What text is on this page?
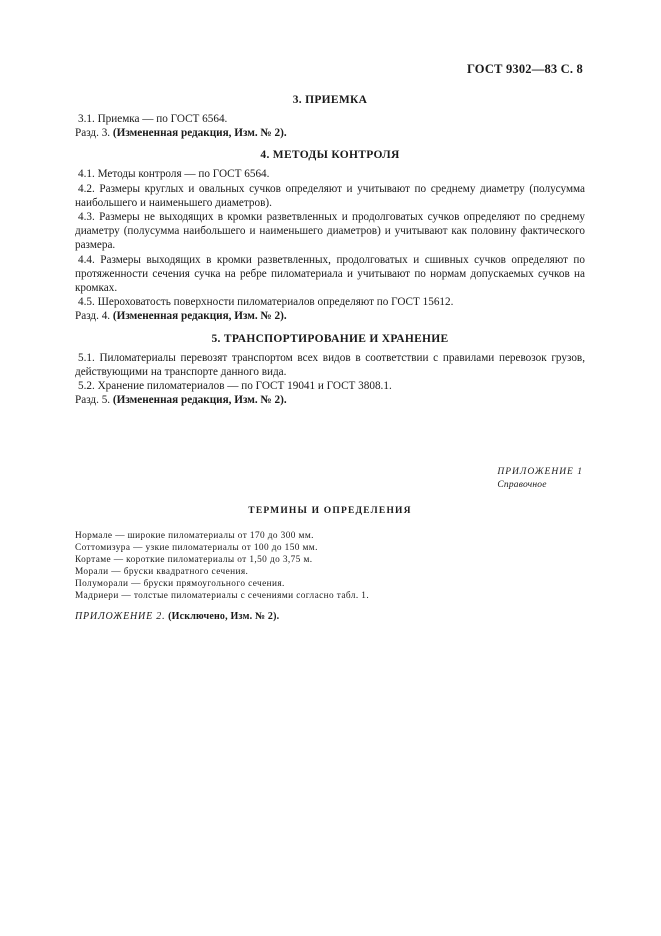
ГОСТ 9302—83 С. 8
3. ПРИЕМКА

3.1. Приемка — по ГОСТ 6564.

Разд. 3. (Измененная редакция, Изм. № 2).

4. МЕТОДЫ КОНТРОЛЯ

4.1. Методы контроля — по ГОСТ 6564.

4.2. Размеры круглых и овальных сучков определяют и учитывают по среднему диаметру (полусумма наибольшего и наименьшего диаметров).

4.3. Размеры не выходящих в кромки разветвленных и продолговатых сучков определяют по среднему диаметру (полусумма наибольшего и наименьшего диаметров) и учитывают как половину фактического размера.

4.4. Размеры выходящих в кромки разветвленных, продолговатых и сшивных сучков определяют по протяженности сечения сучка на ребре пиломатериала и учитывают по нормам допускаемых сучков на кромках.

4.5. Шероховатость поверхности пиломатериалов определяют по ГОСТ 15612.

Разд. 4. (Измененная редакция, Изм. № 2).

5. ТРАНСПОРТИРОВАНИЕ И ХРАНЕНИЕ

5.1. Пиломатериалы перевозят транспортом всех видов в соответствии с правилами перевозок грузов, действующими на транспорте данного вида.

5.2. Хранение пиломатериалов — по ГОСТ 19041 и ГОСТ 3808.1.

Разд. 5. (Измененная редакция, Изм. № 2).

ПРИЛОЖЕНИЕ 1
Справочное
ТЕРМИНЫ И ОПРЕДЕЛЕНИЯ

Нормале — широкие пиломатериалы от 170 до 300 мм.

Соттомизура — узкие пиломатериалы от 100 до 150 мм.

Кортаме — короткие пиломатериалы от 1,50 до 3,75 м.

Морали — бруски квадратного сечения.

Полуморали — бруски прямоугольного сечения.

Мадриери — толстые пиломатериалы с сечениями согласно табл. 1.

ПРИЛОЖЕНИЕ 2. (Исключено, Изм. № 2).
